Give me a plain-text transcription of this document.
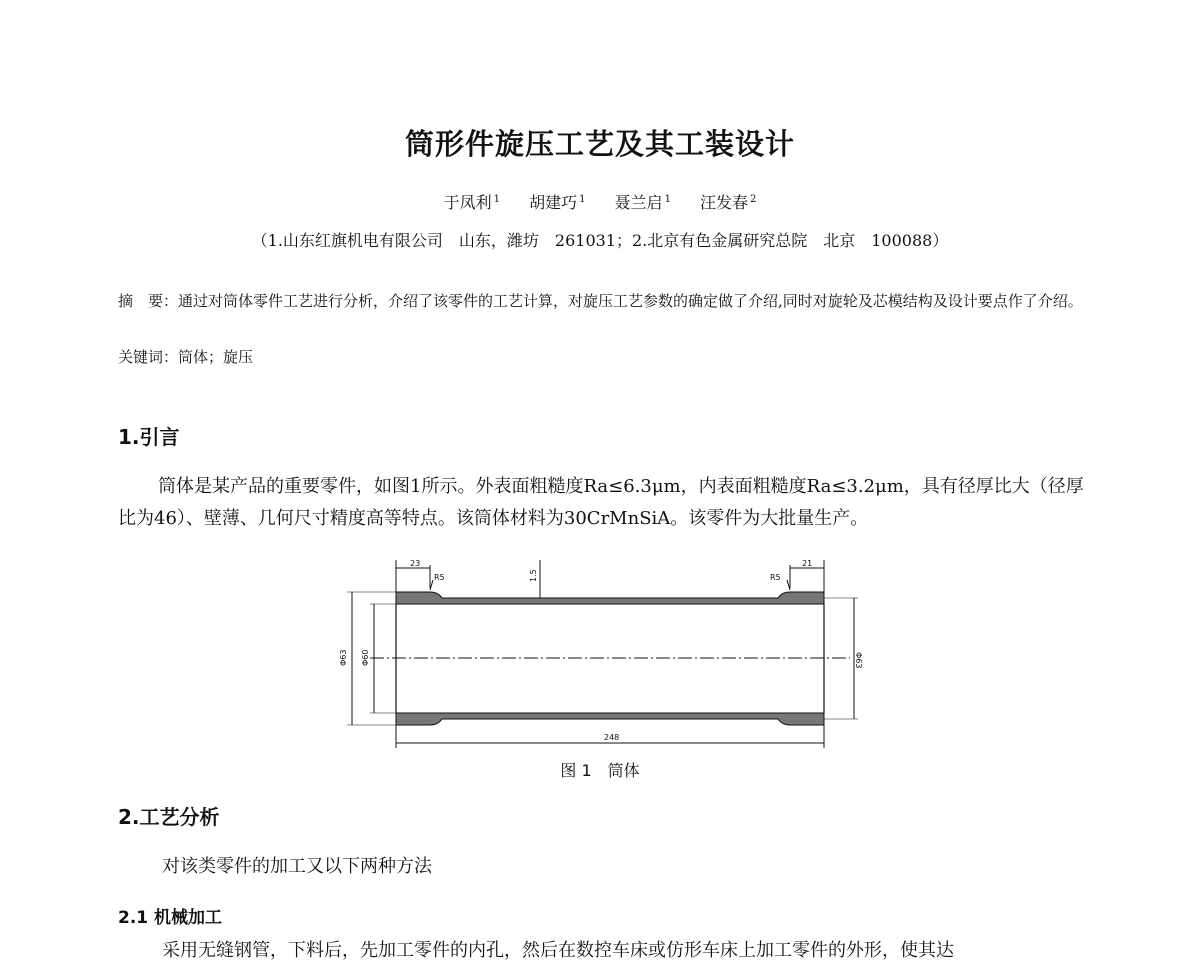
筒形件旋压工艺及其工装设计
于凤利 $^1$ 胡建巧 $^1$ 聂兰启 $^1$ 汪发春 $^2$
（1.山东红旗机电有限公司　山东，潍坊　261031；2.北京有色金属研究总院　北京　100088）
摘　要：通过对筒体零件工艺进行分析，介绍了该零件的工艺计算，对旋压工艺参数的确定做了介绍,同时对旋轮及芯模结构及设计要点作了介绍。
关键词：筒体；旋压
1.引言
筒体是某产品的重要零件，如图1所示。外表面粗糙度Ra≤6.3μm，内表面粗糙度Ra≤3.2μm，具有径厚比大（径厚比为46）、壁薄、几何尺寸精度高等特点。该筒体材料为30CrMnSiA。该零件为大批量生产。
23	21
R5	R5
1.5
Φ63 Φ60	Φ63
248
图 1　筒体
2.工艺分析
对该类零件的加工又以下两种方法
2.1 机械加工
采用无缝钢管，下料后，先加工零件的内孔，然后在数控车床或仿形车床上加工零件的外形，使其达
